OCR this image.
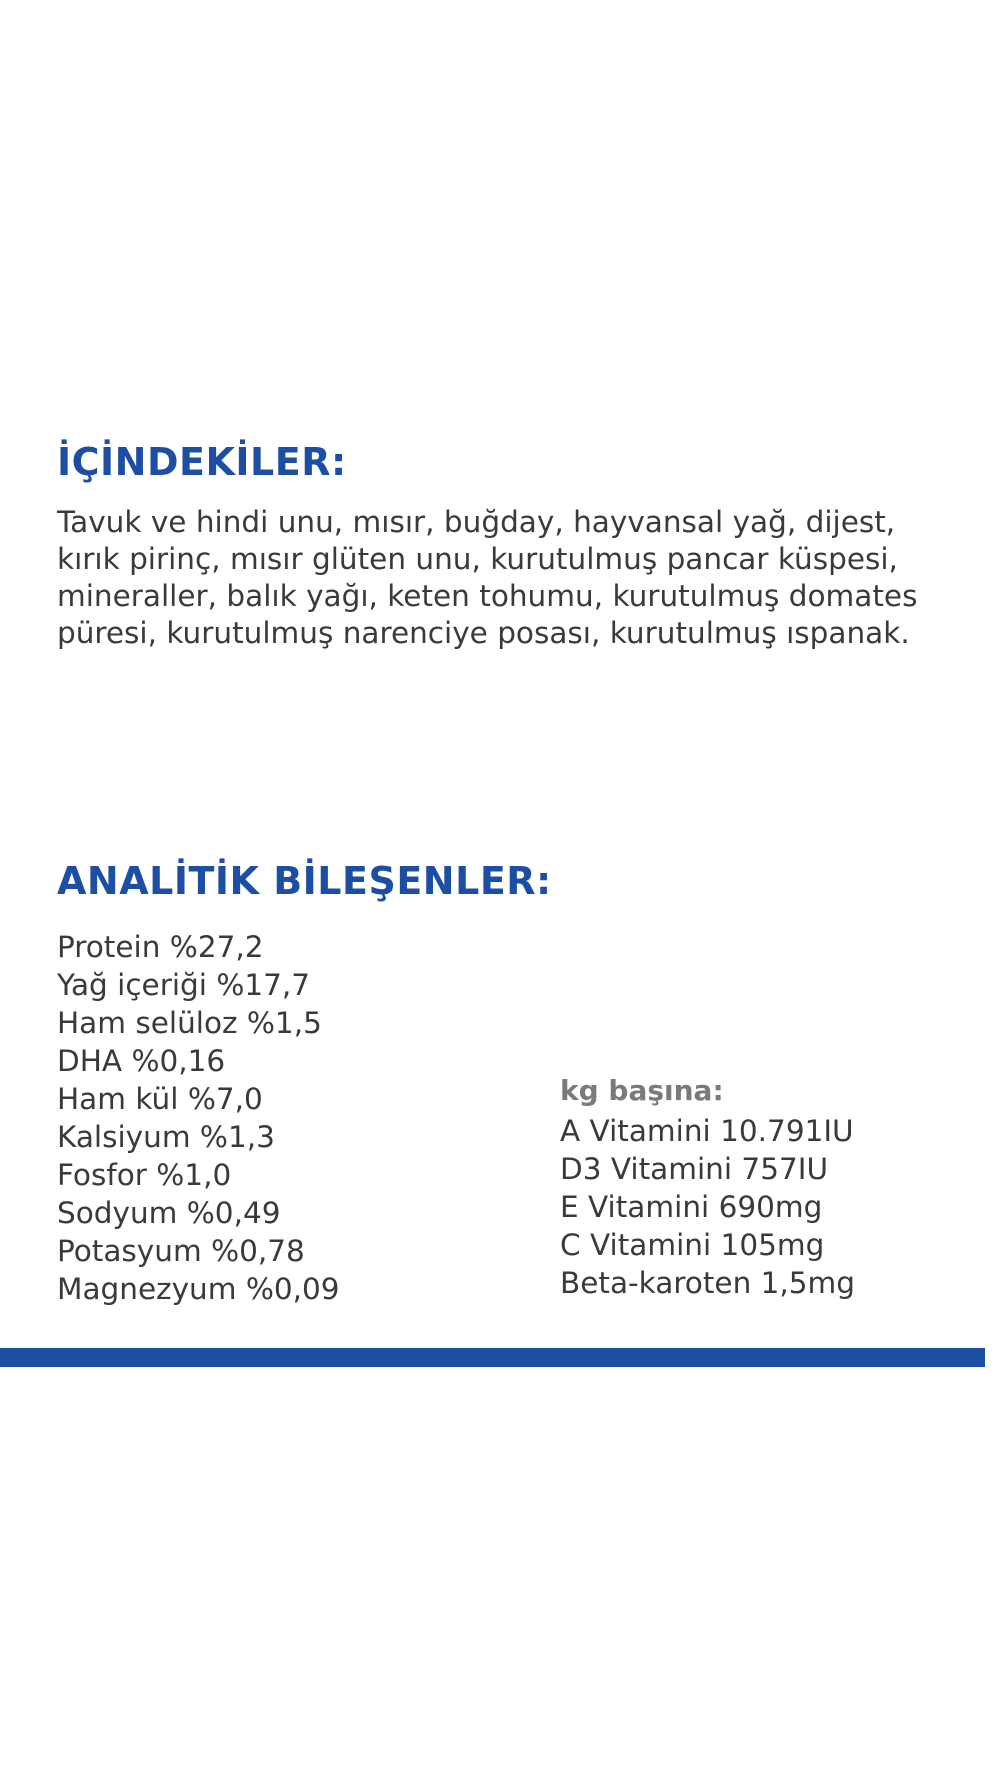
İÇİNDEKİLER:

Tavuk ve hindi unu, mısır, buğday, hayvansal yağ, dijest, kırık pirinç, mısır glüten unu, kurutulmuş pancar küspesi, mineraller, balık yağı, keten tohumu, kurutulmuş domates püresi, kurutulmuş narenciye posası, kurutulmuş ıspanak.

ANALİTİK BİLEŞENLER:
Protein %27,2
Yağ içeriği %17,7
Ham selüloz %1,5
DHA %0,16
Ham kül %7,0
Kalsiyum %1,3
Fosfor %1,0
Sodyum %0,49
Potasyum %0,78
Magnezyum %0,09

kg başına:

A Vitamini 10.791IU
D3 Vitamini 757IU
E Vitamini 690mg
C Vitamini 105mg
Beta-karoten 1,5mg
